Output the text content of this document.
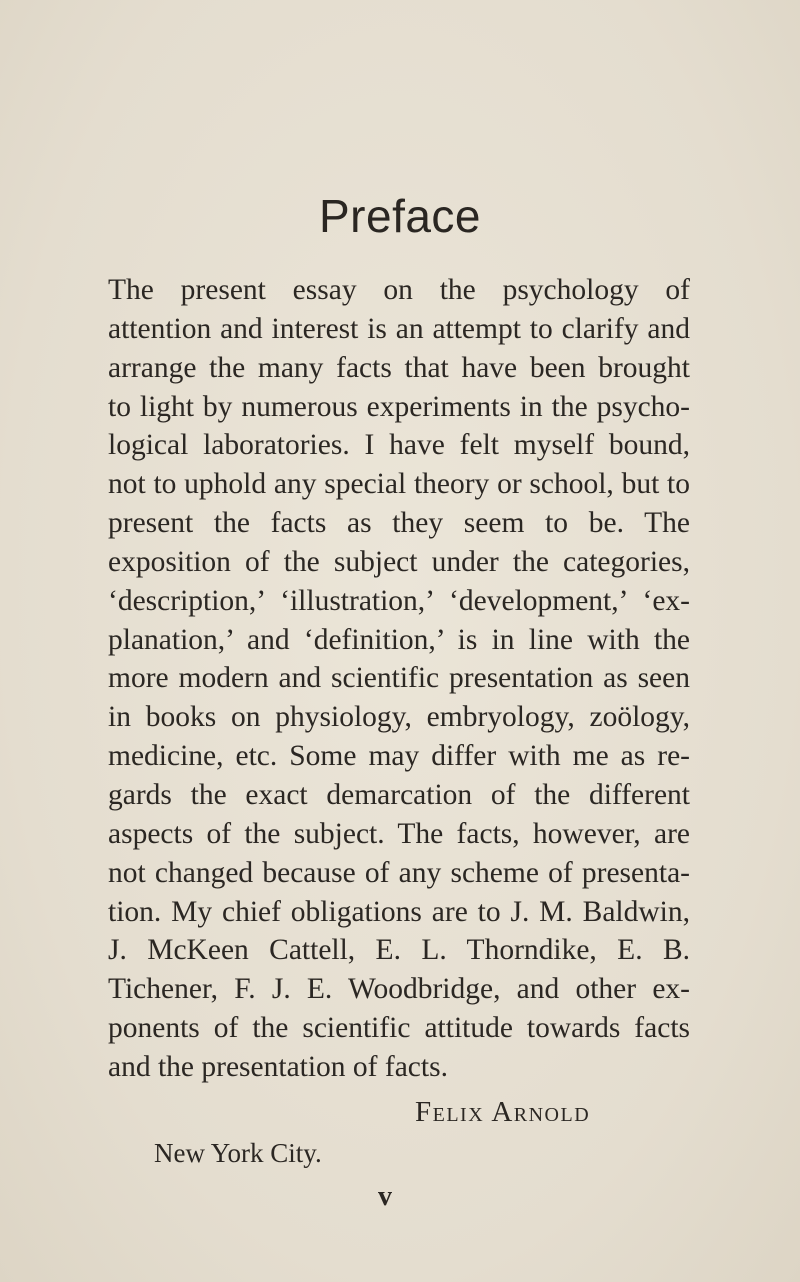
Preface
The present essay on the psychology of
attention and interest is an attempt to clarify and
arrange the many facts that have been brought
to light by numerous experiments in the psycho-
logical laboratories. I have felt myself bound,
not to uphold any special theory or school, but to
present the facts as they seem to be. The
exposition of the subject under the categories,
‘description,’ ‘illustration,’ ‘development,’ ‘ex-
planation,’ and ‘definition,’ is in line with the
more modern and scientific presentation as seen
in books on physiology, embryology, zoölogy,
medicine, etc. Some may differ with me as re-
gards the exact demarcation of the different
aspects of the subject. The facts, however, are
not changed because of any scheme of presenta-
tion. My chief obligations are to J. M. Baldwin,
J. McKeen Cattell, E. L. Thorndike, E. B.
Tichener, F. J. E. Woodbridge, and other ex-
ponents of the scientific attitude towards facts
and the presentation of facts.
Felix Arnold
New York City.
v
